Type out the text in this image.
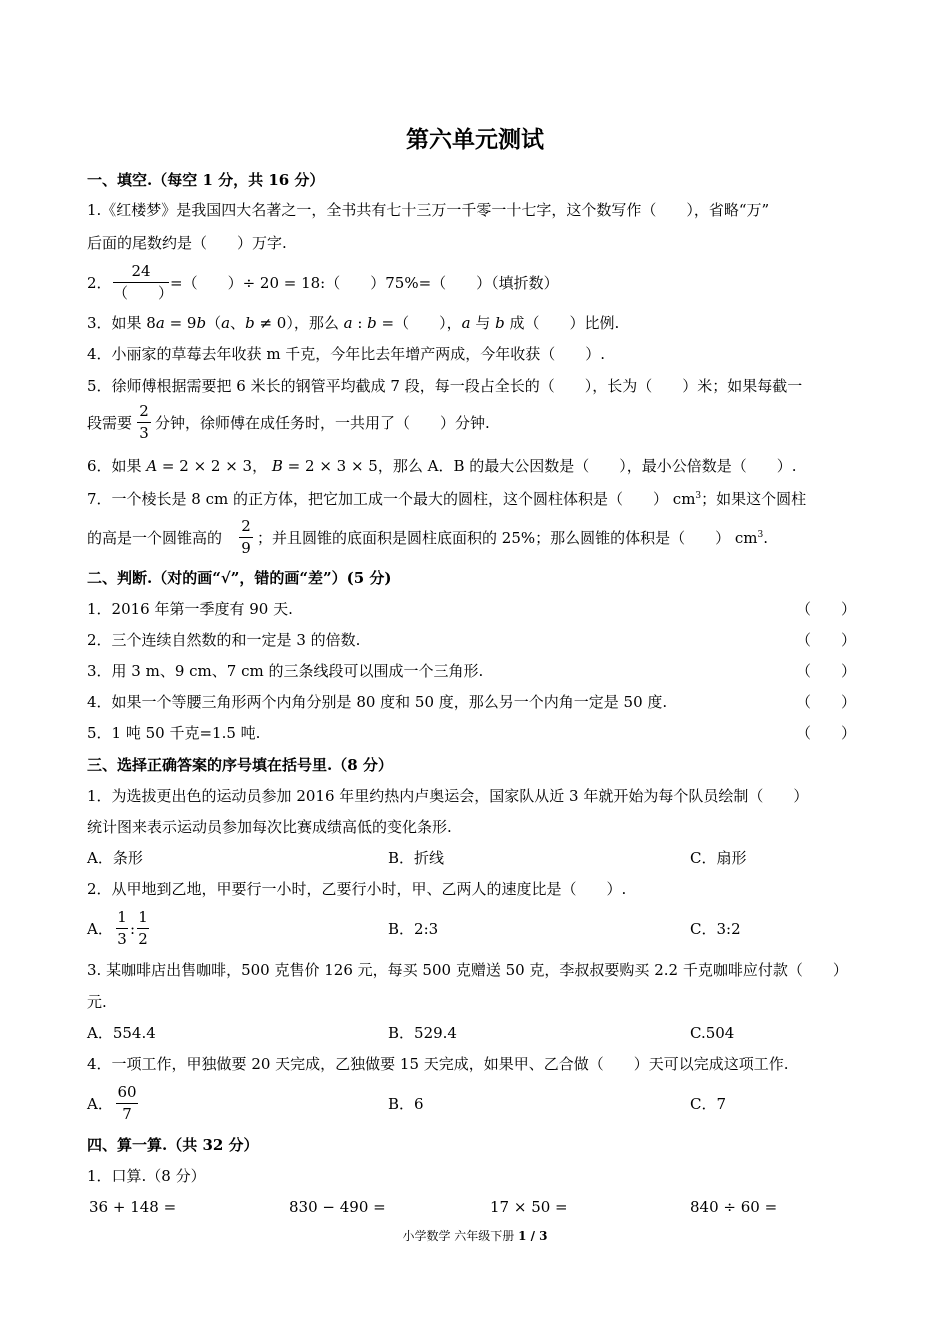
第六单元测试
一、填空.（每空 1 分，共 16 分）
1.《红楼梦》是我国四大名著之一，全书共有七十三万一千零一十七字，这个数写作（　　），省略“万”
后面的尾数约是（　　）万字.
2．
24
（　　）
=（　　）÷ 20 = 18:（　　）75%=（　　）（填折数）
3．如果 8a = 9b（a、b ≠ 0），那么 a : b =（　　），a 与 b 成（　　）比例.
4．小丽家的草莓去年收获 m 千克，今年比去年增产两成，今年收获（　　）.
5．徐师傅根据需要把 6 米长的钢管平均截成 7 段，每一段占全长的（　　），长为（　　）米；如果每截一
段需要
2
3
分钟，徐师傅在成任务时，一共用了（　　）分钟.
6．如果 A = 2 × 2 × 3， B = 2 × 3 × 5，那么 A．B 的最大公因数是（　　），最小公倍数是（　　）.
7．一个棱长是 8 cm 的正方体，把它加工成一个最大的圆柱，这个圆柱体积是（　　） $cm^3$；如果这个圆柱
的高是一个圆锥高的
2
9
；并且圆锥的底面积是圆柱底面积的 25%；那么圆锥的体积是（　　） $cm^3$.
二、判断.（对的画“√”，错的画“差”）(5 分)
1．2016 年第一季度有 90 天.	（　　）
2．三个连续自然数的和一定是 3 的倍数.	（　　）
3．用 3 m、9 cm、7 cm 的三条线段可以围成一个三角形.	（　　）
4．如果一个等腰三角形两个内角分别是 80 度和 50 度，那么另一个内角一定是 50 度.	（　　）
5．1 吨 50 千克=1.5 吨.	（　　）
三、选择正确答案的序号填在括号里.（8 分）
1．为选拔更出色的运动员参加 2016 年里约热内卢奥运会，国家队从近 3 年就开始为每个队员绘制（　　）
统计图来表示运动员参加每次比赛成绩高低的变化条形.
A．条形	B．折线	C．扇形
2．从甲地到乙地，甲要行一小时，乙要行小时，甲、乙两人的速度比是（　　）.
A．
1
3
:
1
2
B．2:3	C．3:2
3. 某咖啡店出售咖啡，500 克售价 126 元，每买 500 克赠送 50 克，李叔叔要购买 2.2 千克咖啡应付款（　　）
元.
A．554.4	B．529.4	C.504
4．一项工作，甲独做要 20 天完成，乙独做要 15 天完成，如果甲、乙合做（　　）天可以完成这项工作.
A．
60
7
B．6	C．7
四、算一算.（共 32 分）
1．口算.（8 分）
36 + 148 =	830 − 490 =	17 × 50 =	840 ÷ 60 =
小学数学 六年级下册 1 / 3
